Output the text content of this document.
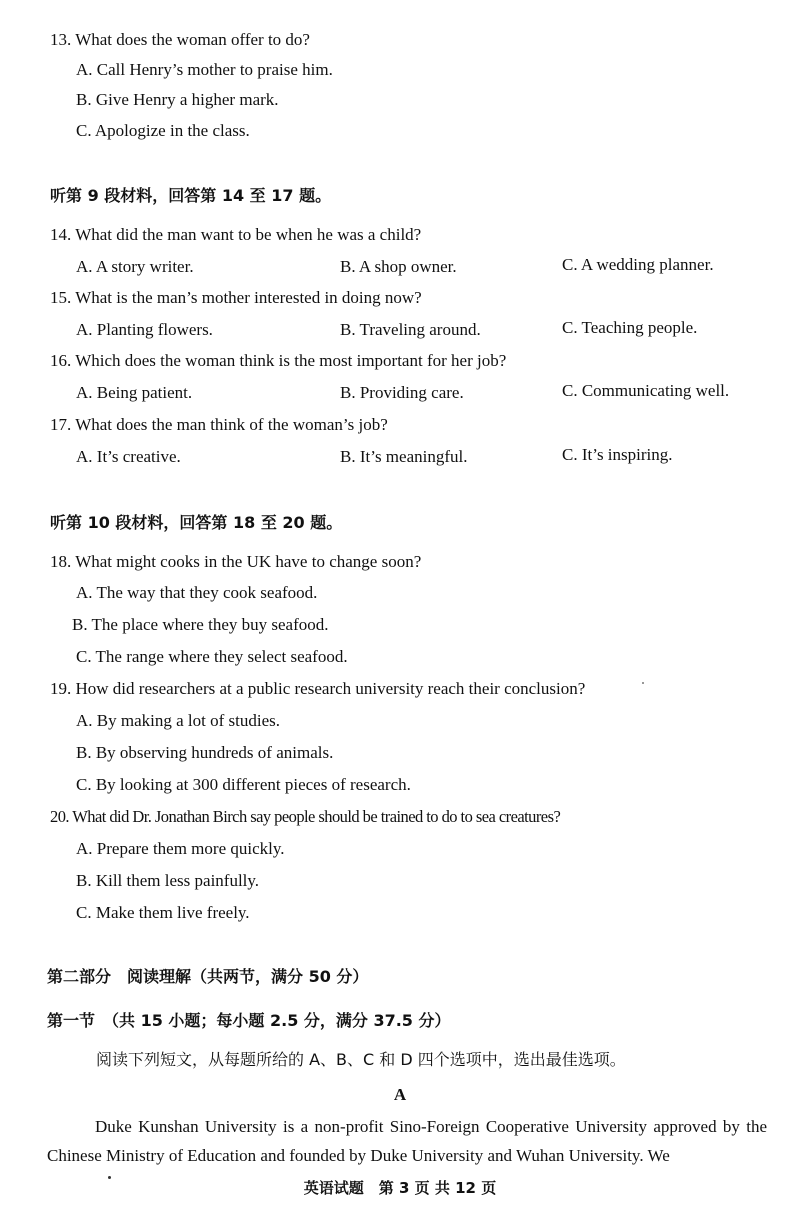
13. What does the woman offer to do?
A. Call Henry’s mother to praise him.
B. Give Henry a higher mark.
C. Apologize in the class.
听第 9 段材料，回答第 14 至 17 题。
14. What did the man want to be when he was a child?
A. A story writer.	B. A shop owner.	C. A wedding planner.
15. What is the man’s mother interested in doing now?
A. Planting flowers.	B. Traveling around.	C. Teaching people.
16. Which does the woman think is the most important for her job?
A. Being patient.	B. Providing care.	C. Communicating well.
17. What does the man think of the woman’s job?
A. It’s creative.	B. It’s meaningful.	C. It’s inspiring.
听第 10 段材料，回答第 18 至 20 题。
18. What might cooks in the UK have to change soon?
A. The way that they cook seafood.
B. The place where they buy seafood.
C. The range where they select seafood.
19. How did researchers at a public research university reach their conclusion?
A. By making a lot of studies.
B. By observing hundreds of animals.
C. By looking at 300 different pieces of research.
20. What did Dr. Jonathan Birch say people should be trained to do to sea creatures?
A. Prepare them more quickly.
B. Kill them less painfully.
C. Make them live freely.
第二部分　阅读理解（共两节，满分 50 分）
第一节　（共 15 小题；每小题 2.5 分，满分 37.5 分）
阅读下列短文，从每题所给的 A、B、C 和 D 四个选项中，选出最佳选项。
A
Duke Kunshan University is a non-profit Sino-Foreign Cooperative University approved by the Chinese Ministry of Education and founded by Duke University and Wuhan University. We
英语试题　第 3 页 共 12 页
